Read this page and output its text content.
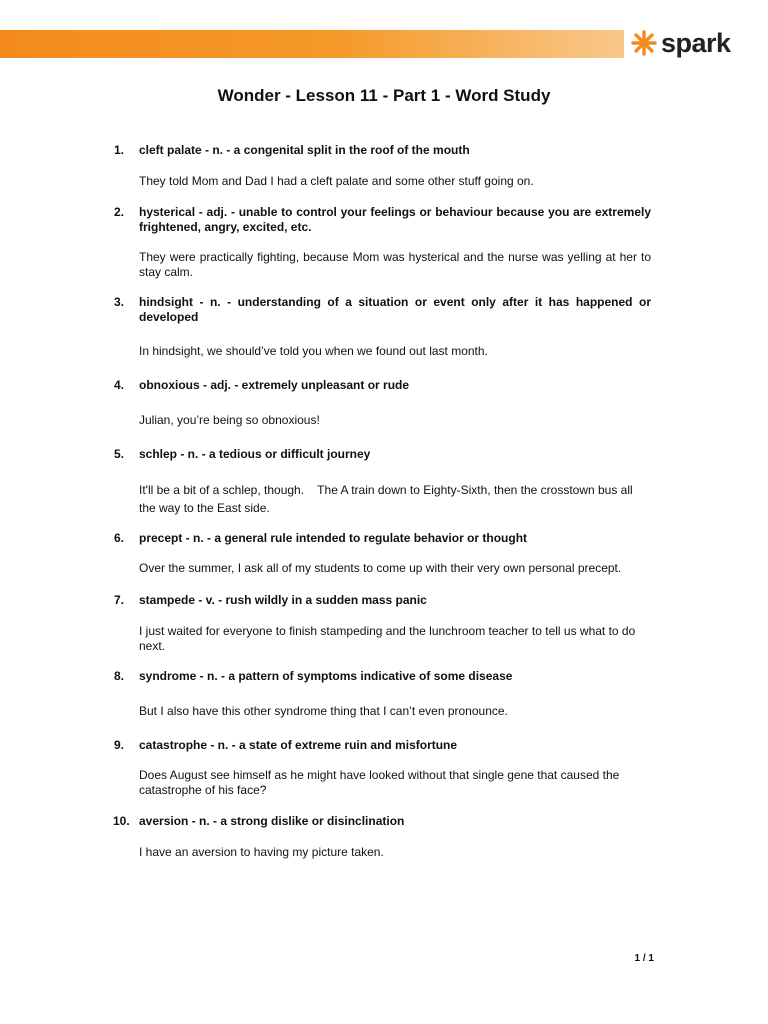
spark
Wonder - Lesson 11 - Part 1 - Word Study
1.	cleft palate - n. - a congenital split in the roof of the mouth
They told Mom and Dad I had a cleft palate and some other stuff going on.
2.	hysterical - adj. - unable to control your feelings or behaviour because you are extremely frightened, angry, excited, etc.
They were practically fighting, because Mom was hysterical and the nurse was yelling at her to stay calm.
3.	hindsight - n. - understanding of a situation or event only after it has happened or developed
In hindsight, we should’ve told you when we found out last month.
4.	obnoxious - adj. - extremely unpleasant or rude
Julian, you’re being so obnoxious!
5.	schlep - n. - a tedious or difficult journey
It'll be a bit of a schlep, though.    The A train down to Eighty-Sixth, then the crosstown bus all the way to the East side.
6.	precept - n. - a general rule intended to regulate behavior or thought
Over the summer, I ask all of my students to come up with their very own personal precept.
7.	stampede - v. - rush wildly in a sudden mass panic
I just waited for everyone to finish stampeding and the lunchroom teacher to tell us what to do next.
8.	syndrome - n. - a pattern of symptoms indicative of some disease
But I also have this other syndrome thing that I can’t even pronounce.
9.	catastrophe - n. - a state of extreme ruin and misfortune
Does August see himself as he might have looked without that single gene that caused the catastrophe of his face?
10. aversion - n. - a strong dislike or disinclination
I have an aversion to having my picture taken.
1 / 1
